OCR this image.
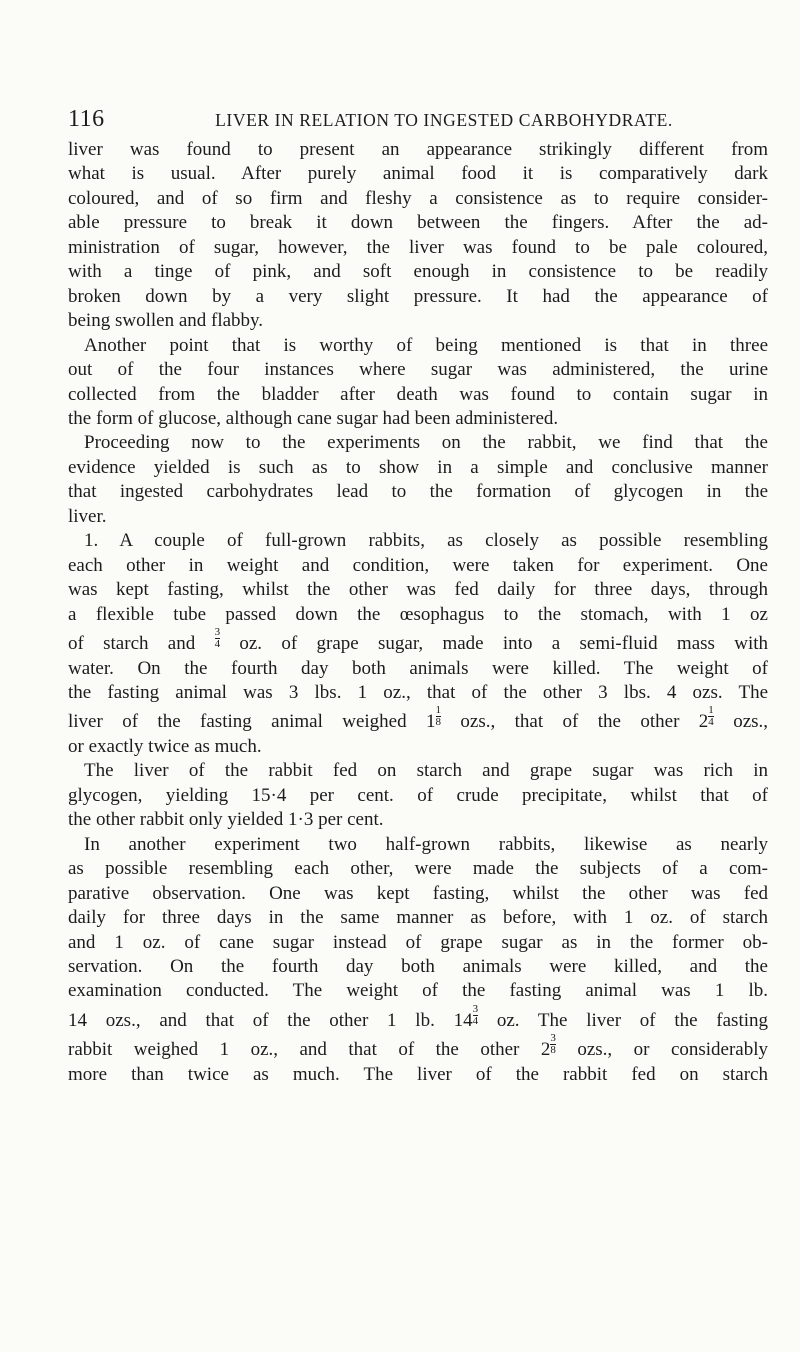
116	LIVER IN RELATION TO INGESTED CARBOHYDRATE.

liver was found to present an appearance strikingly different from

what is usual. After purely animal food it is comparatively dark

coloured, and of so firm and fleshy a consistence as to require consider-

able pressure to break it down between the fingers. After the ad-

ministration of sugar, however, the liver was found to be pale coloured,

with a tinge of pink, and soft enough in consistence to be readily

broken down by a very slight pressure. It had the appearance of

being swollen and flabby.

Another point that is worthy of being mentioned is that in three

out of the four instances where sugar was administered, the urine

collected from the bladder after death was found to contain sugar in

the form of glucose, although cane sugar had been administered.

Proceeding now to the experiments on the rabbit, we find that the

evidence yielded is such as to show in a simple and conclusive manner

that ingested carbohydrates lead to the formation of glycogen in the

liver.

1. A couple of full-grown rabbits, as closely as possible resembling

each other in weight and condition, were taken for experiment. One

was kept fasting, whilst the other was fed daily for three days, through

a flexible tube passed down the œsophagus to the stomach, with 1 oz

of starch and $\frac{3}{4}$ oz. of grape sugar, made into a semi-fluid mass with

water. On the fourth day both animals were killed. The weight of

the fasting animal was 3 lbs. 1 oz., that of the other 3 lbs. 4 ozs. The

liver of the fasting animal weighed $1 \frac{1}{8}$ ozs., that of the other $2 \frac{1}{4}$ ozs.,

or exactly twice as much.

The liver of the rabbit fed on starch and grape sugar was rich in

glycogen, yielding 15·4 per cent. of crude precipitate, whilst that of

the other rabbit only yielded 1·3 per cent.

In another experiment two half-grown rabbits, likewise as nearly

as possible resembling each other, were made the subjects of a com-

parative observation. One was kept fasting, whilst the other was fed

daily for three days in the same manner as before, with 1 oz. of starch

and 1 oz. of cane sugar instead of grape sugar as in the former ob-

servation. On the fourth day both animals were killed, and the

examination conducted. The weight of the fasting animal was 1 lb.

14 ozs., and that of the other 1 lb. $14 \frac{3}{4}$ oz. The liver of the fasting

rabbit weighed 1 oz., and that of the other $2 \frac{3}{8}$ ozs., or considerably

more than twice as much. The liver of the rabbit fed on starch
